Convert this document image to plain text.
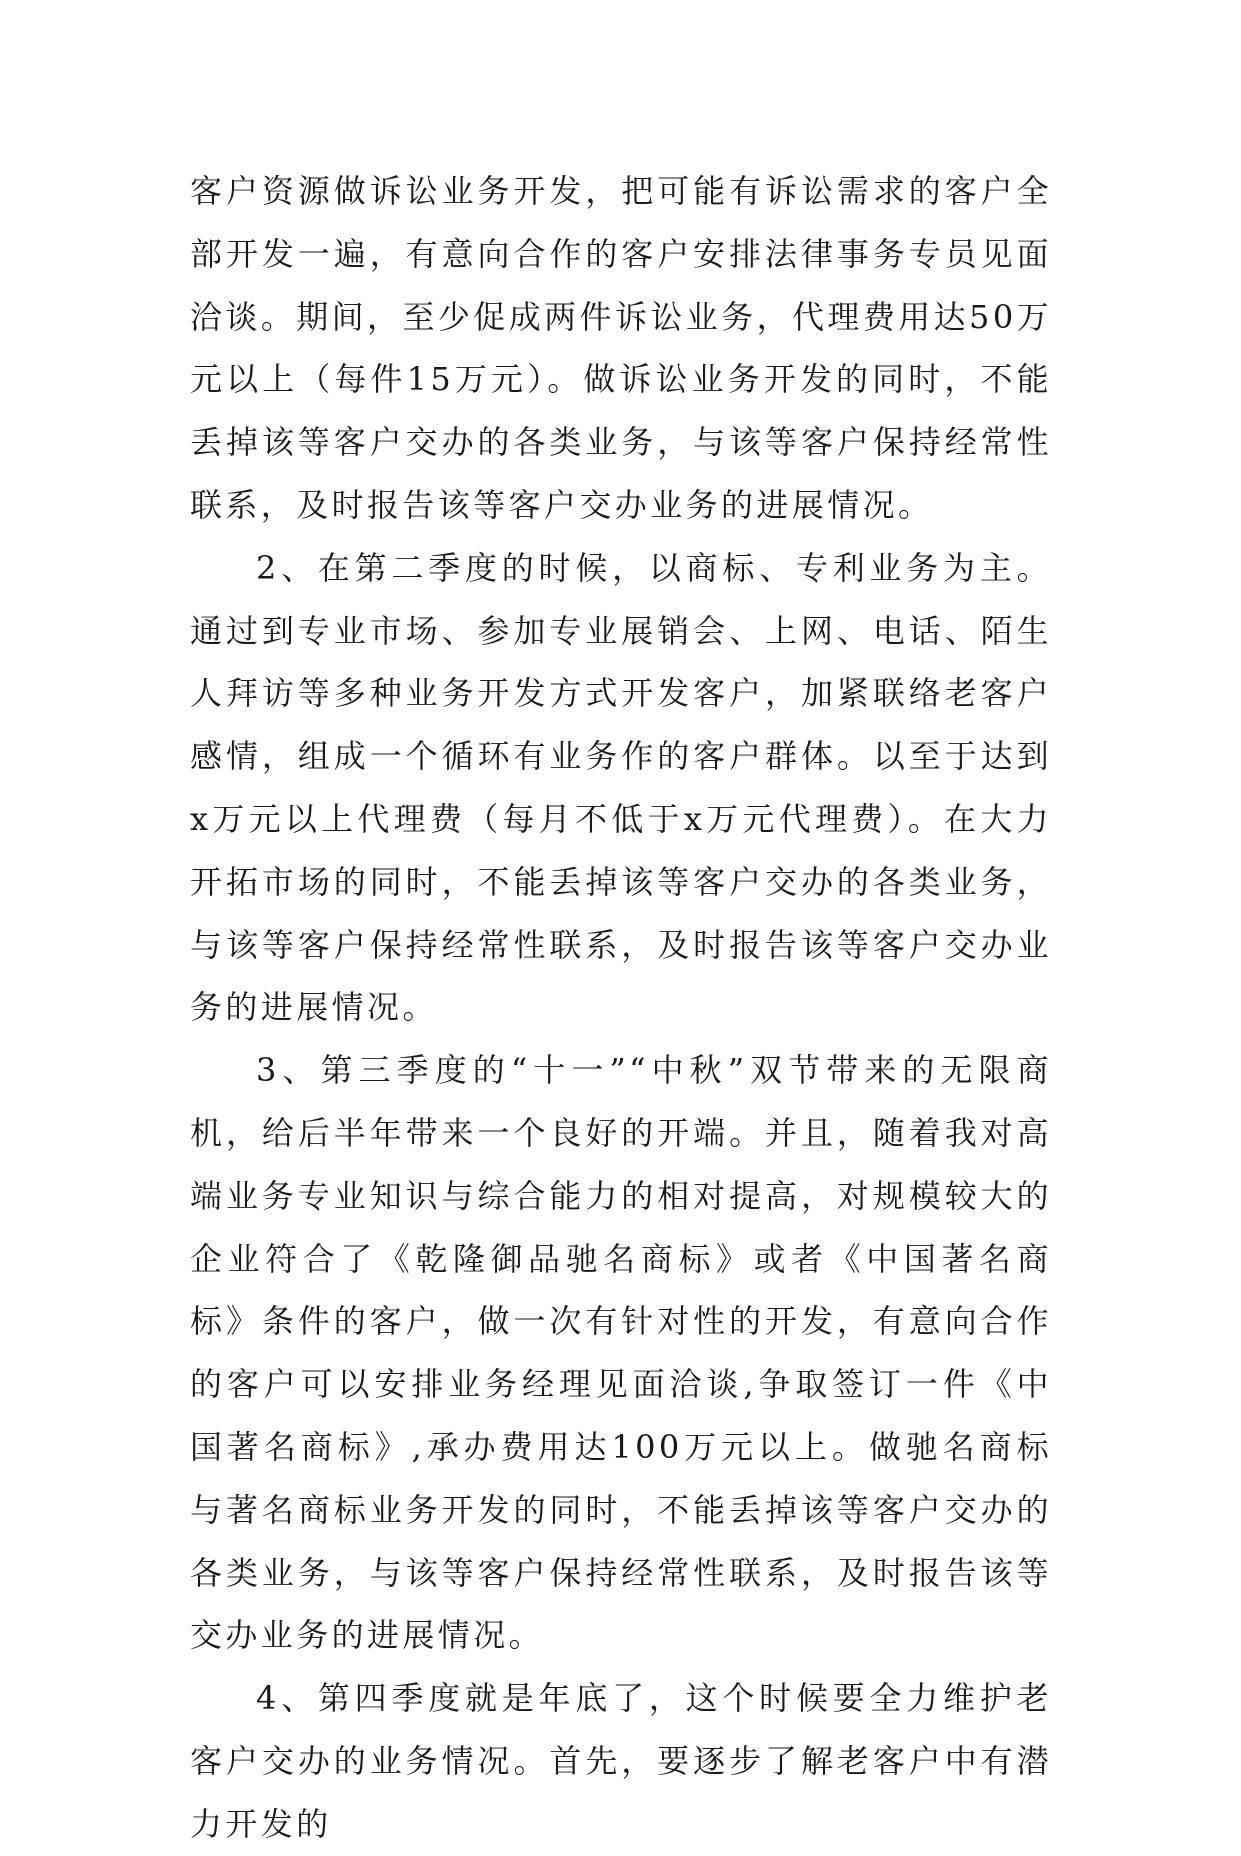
客户资源做诉讼业务开发，把可能有诉讼需求的客户全部开发一遍，有意向合作的客户安排法律事务专员见面洽谈。期间，至少促成两件诉讼业务，代理费用达50万元以上（每件15万元）。做诉讼业务开发的同时，不能丢掉该等客户交办的各类业务，与该等客户保持经常性联系，及时报告该等客户交办业务的进展情况。

2、在第二季度的时候，以商标、专利业务为主。通过到专业市场、参加专业展销会、上网、电话、陌生人拜访等多种业务开发方式开发客户，加紧联络老客户感情，组成一个循环有业务作的客户群体。以至于达到x万元以上代理费（每月不低于x万元代理费）。在大力开拓市场的同时，不能丢掉该等客户交办的各类业务，与该等客户保持经常性联系，及时报告该等客户交办业务的进展情况。

3、第三季度的“十一”“中秋”双节带来的无限商机，给后半年带来一个良好的开端。并且，随着我对高端业务专业知识与综合能力的相对提高，对规模较大的企业符合了《乾隆御品驰名商标》或者《中国著名商标》条件的客户，做一次有针对性的开发，有意向合作的客户可以安排业务经理见面洽谈,争取签订一件《中国著名商标》,承办费用达100万元以上。做驰名商标与著名商标业务开发的同时，不能丢掉该等客户交办的各类业务，与该等客户保持经常性联系，及时报告该等交办业务的进展情况。

4、第四季度就是年底了，这个时候要全力维护老客户交办的业务情况。首先，要逐步了解老客户中有潜力开发的
